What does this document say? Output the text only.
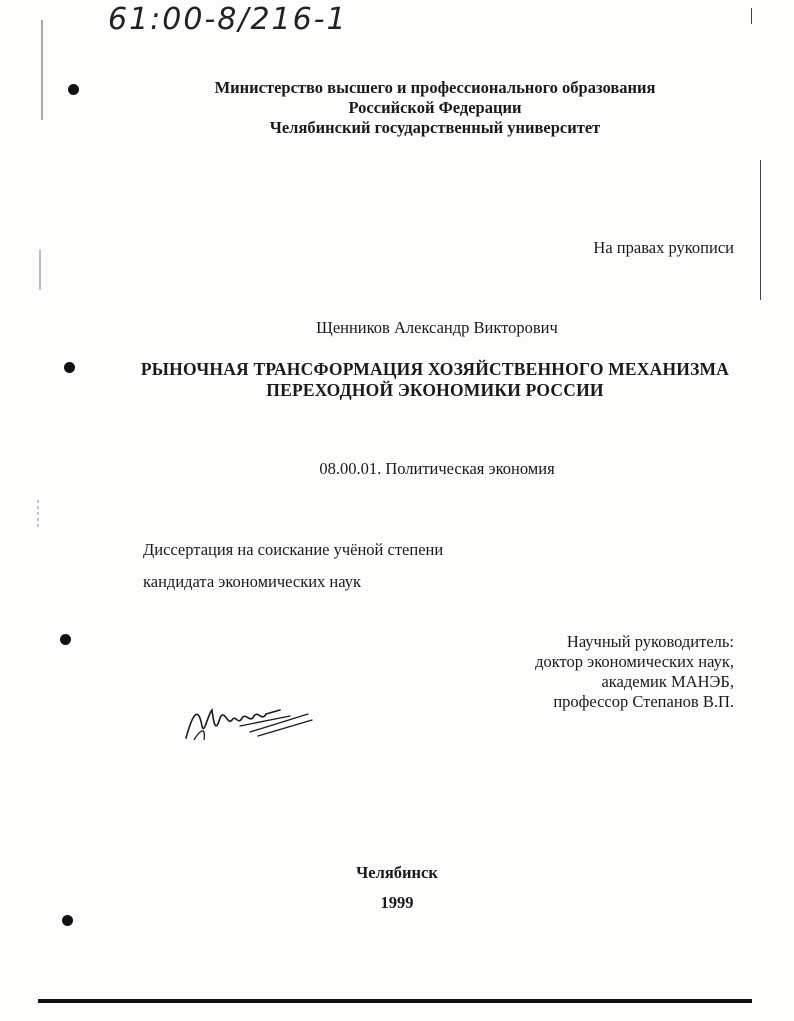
61:00-8/216-1
Министерство высшего и профессионального образования
Российской Федерации
Челябинский государственный университет
На правах рукописи
Щенников Александр Викторович
РЫНОЧНАЯ ТРАНСФОРМАЦИЯ ХОЗЯЙСТВЕННОГО МЕХАНИЗМА
ПЕРЕХОДНОЙ ЭКОНОМИКИ РОССИИ
08.00.01. Политическая экономия
Диссертация на соискание учёной степени
кандидата экономических наук
Научный руководитель:
доктор экономических наук,
академик МАНЭБ,
профессор Степанов В.П.
Челябинск
1999
